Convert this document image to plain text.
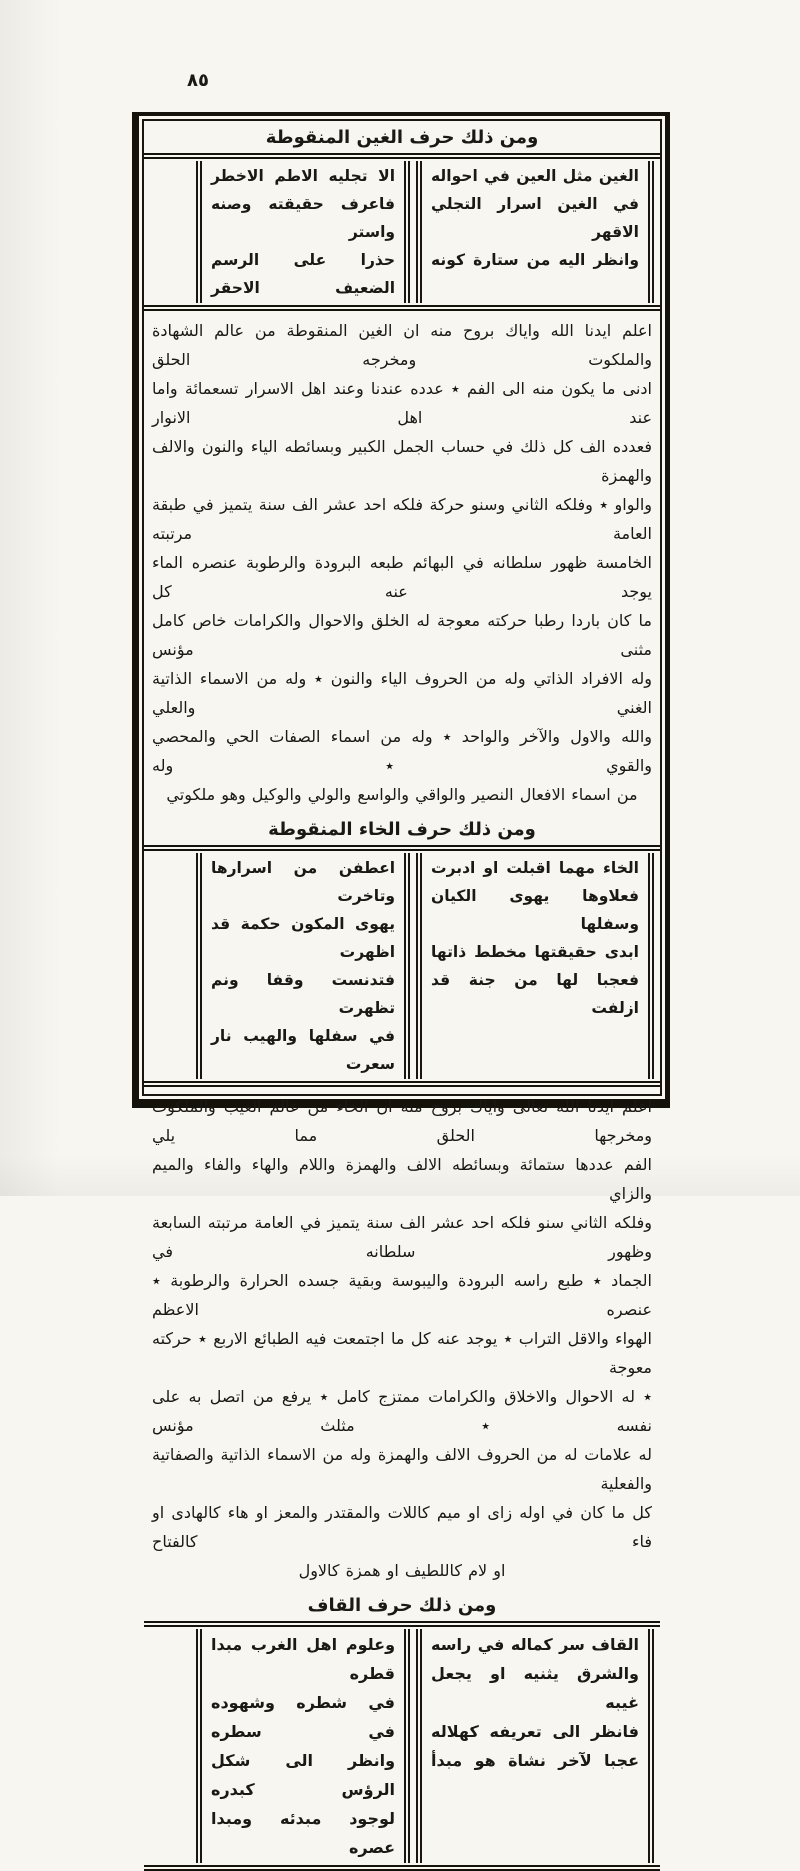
٨٥
ومن ذلك حرف الغين المنقوطة
الغين مثل العين في احواله
في الغين اسرار التجلي الاقهر
وانظر اليه من ستارة كونه
الا تجليه الاطم الاخطر
فاعرف حقيقته وصنه واستر
حذرا على الرسم الضعيف الاحقر
اعلم ايدنا الله واياك بروح منه ان الغين المنقوطة من عالم الشهادة والملكوت ومخرجه الحلق
ادنى ما يكون منه الى الفم ٭ عدده عندنا وعند اهل الاسرار تسعمائة واما عند اهل الانوار
فعدده الف كل ذلك في حساب الجمل الكبير وبسائطه الياء والنون والالف والهمزة
والواو ٭ وفلكه الثاني وسنو حركة فلكه احد عشر الف سنة يتميز في طبقة العامة مرتبته
الخامسة ظهور سلطانه في البهائم طبعه البرودة والرطوبة عنصره الماء يوجد عنه كل
ما كان باردا رطبا حركته معوجة له الخلق والاحوال والكرامات خاص كامل مثنى مؤنس
وله الافراد الذاتي وله من الحروف الياء والنون ٭ وله من الاسماء الذاتية الغني والعلي
والله والاول والآخر والواحد ٭ وله من اسماء الصفات الحي والمحصي والقوي ٭ وله
من اسماء الافعال النصير والواقي والواسع والولي والوكيل وهو ملكوتي
ومن ذلك حرف الخاء المنقوطة
الخاء مهما اقبلت او ادبرت
فعلاوها يهوى الكيان وسفلها
ابدى حقيقتها مخطط ذاتها
فعجبا لها من جنة قد ازلفت
اعطفن من اسرارها وتاخرت
يهوى المكون حكمة قد اظهرت
فتدنست وقفا ونم تظهرت
في سفلها والهيب نار سعرت
اعلم ايدنا الله تعالى واياك بروح منه ان الخاء من عالم الغيب والملكوت ومخرجها الحلق مما يلي
الفم عددها ستمائة وبسائطه الالف والهمزة واللام والهاء والفاء والميم والزاي
وفلكه الثاني سنو فلكه احد عشر الف سنة يتميز في العامة مرتبته السابعة وظهور سلطانه في
الجماد ٭ طبع راسه البرودة واليبوسة وبقية جسده الحرارة والرطوبة ٭ عنصره الاعظم
الهواء والاقل التراب ٭ يوجد عنه كل ما اجتمعت فيه الطبائع الاربع ٭ حركته معوجة
٭ له الاحوال والاخلاق والكرامات ممتزج كامل ٭ يرفع من اتصل به على نفسه ٭ مثلث مؤنس
له علامات له من الحروف الالف والهمزة وله من الاسماء الذاتية والصفاتية والفعلية
كل ما كان في اوله زاى او ميم كاللات والمقتدر والمعز او هاء كالهادى او فاء كالفتاح
او لام كاللطيف او همزة كالاول
ومن ذلك حرف القاف
القاف سر كماله في راسه
والشرق يثنيه او يجعل غيبه
فانظر الى تعريفه كهلاله
عجبا لآخر نشاة هو مبدأ
وعلوم اهل الغرب مبدا قطره
في شطره وشهوده في سطره
وانظر الى شكل الرؤس كبدره
لوجود مبدئه ومبدا عصره
